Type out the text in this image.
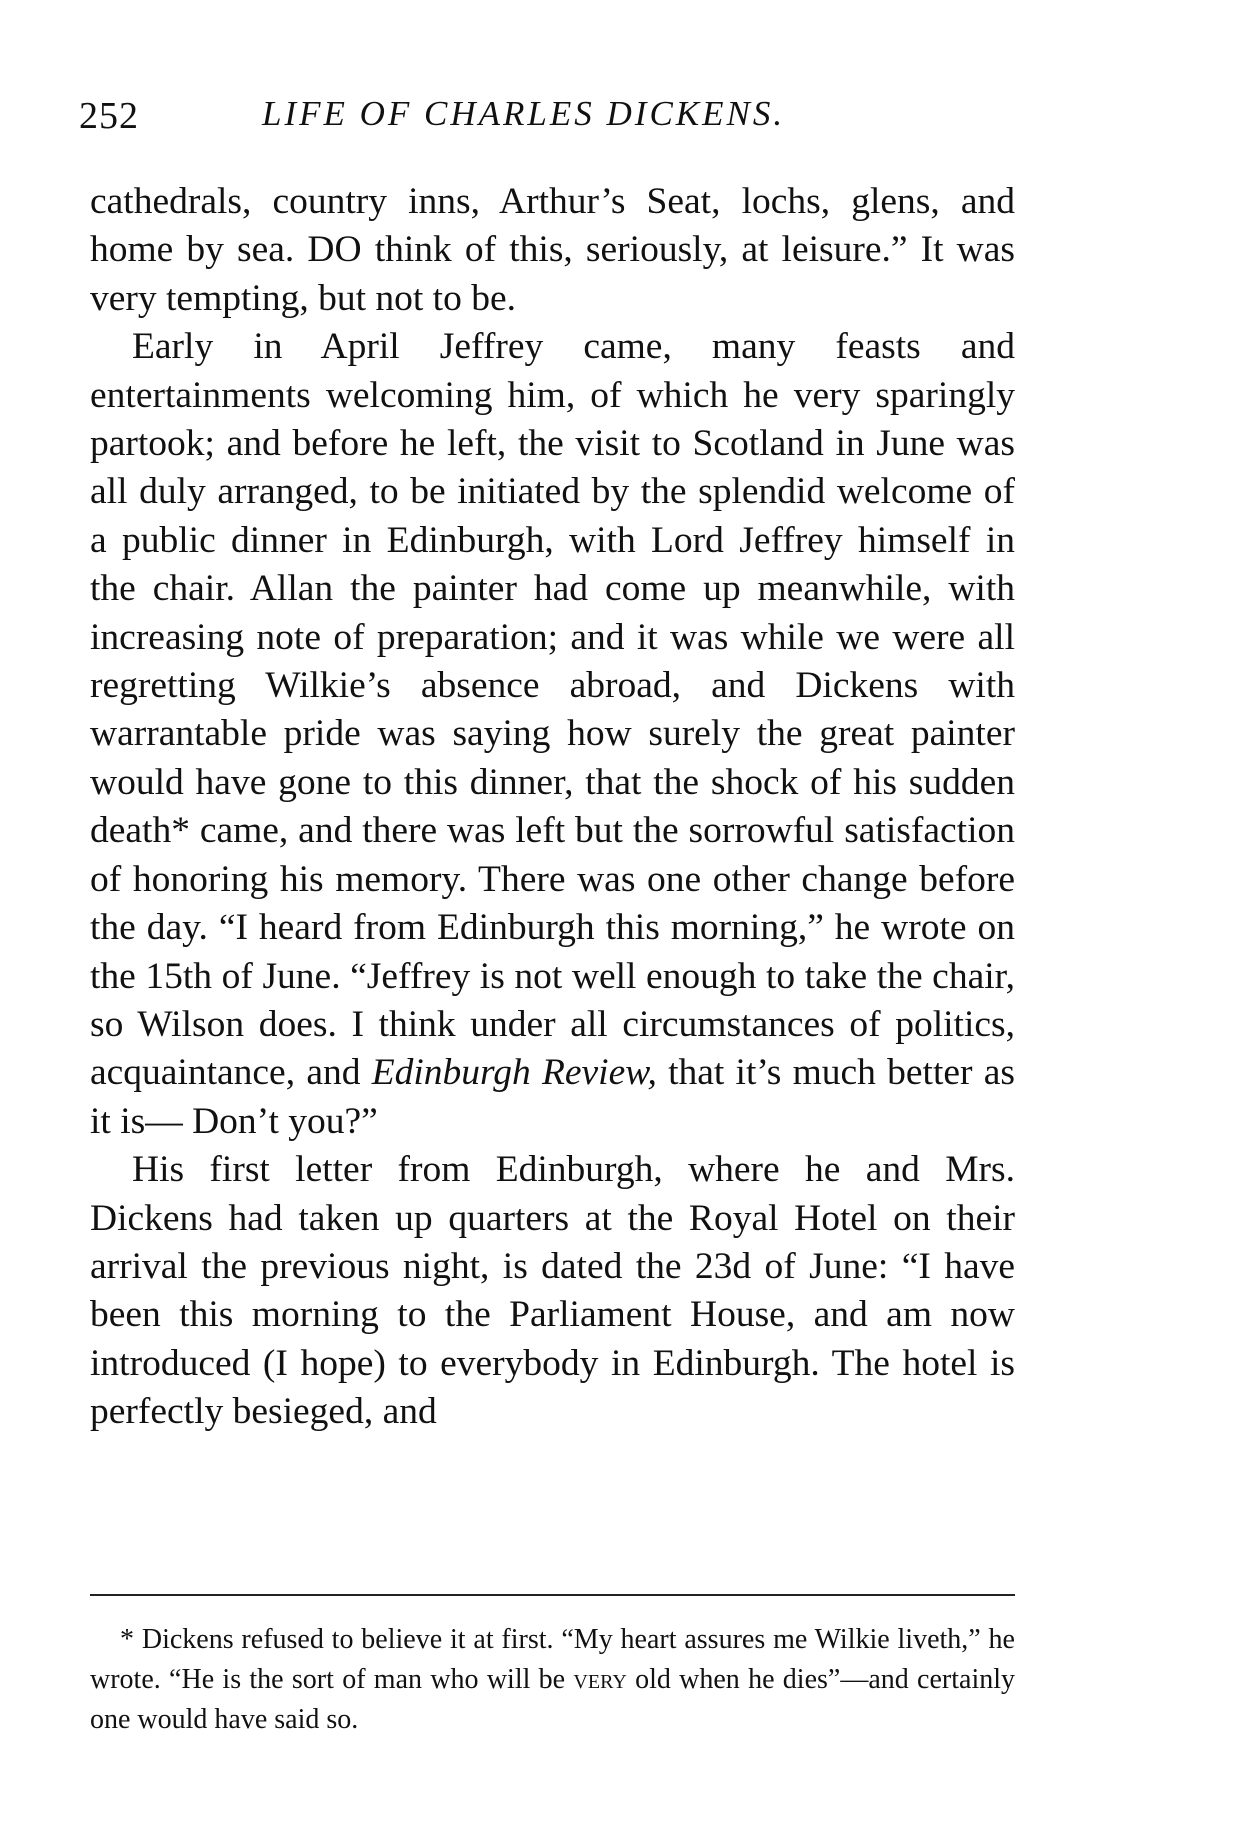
252	LIFE OF CHARLES DICKENS.

cathedrals, country inns, Arthur’s Seat, lochs, glens, and home by sea. DO think of this, seriously, at leisure.” It was very tempting, but not to be.

Early in April Jeffrey came, many feasts and entertainments welcoming him, of which he very sparingly partook; and before he left, the visit to Scotland in June was all duly arranged, to be initiated by the splendid welcome of a public dinner in Edinburgh, with Lord Jeffrey himself in the chair. Allan the painter had come up meanwhile, with increasing note of preparation; and it was while we were all regretting Wilkie’s absence abroad, and Dickens with warrantable pride was saying how surely the great painter would have gone to this dinner, that the shock of his sudden death* came, and there was left but the sorrowful satisfaction of honoring his memory. There was one other change before the day. “I heard from Edinburgh this morning,” he wrote on the 15th of June. “Jeffrey is not well enough to take the chair, so Wilson does. I think under all circumstances of politics, acquaintance, and Edinburgh Review, that it’s much better as it is— Don’t you?”

His first letter from Edinburgh, where he and Mrs. Dickens had taken up quarters at the Royal Hotel on their arrival the previous night, is dated the 23d of June: “I have been this morning to the Parliament House, and am now introduced (I hope) to everybody in Edinburgh. The hotel is perfectly besieged, and

* Dickens refused to believe it at first. “My heart assures me Wilkie liveth,” he wrote. “He is the sort of man who will be very old when he dies”—and certainly one would have said so.
